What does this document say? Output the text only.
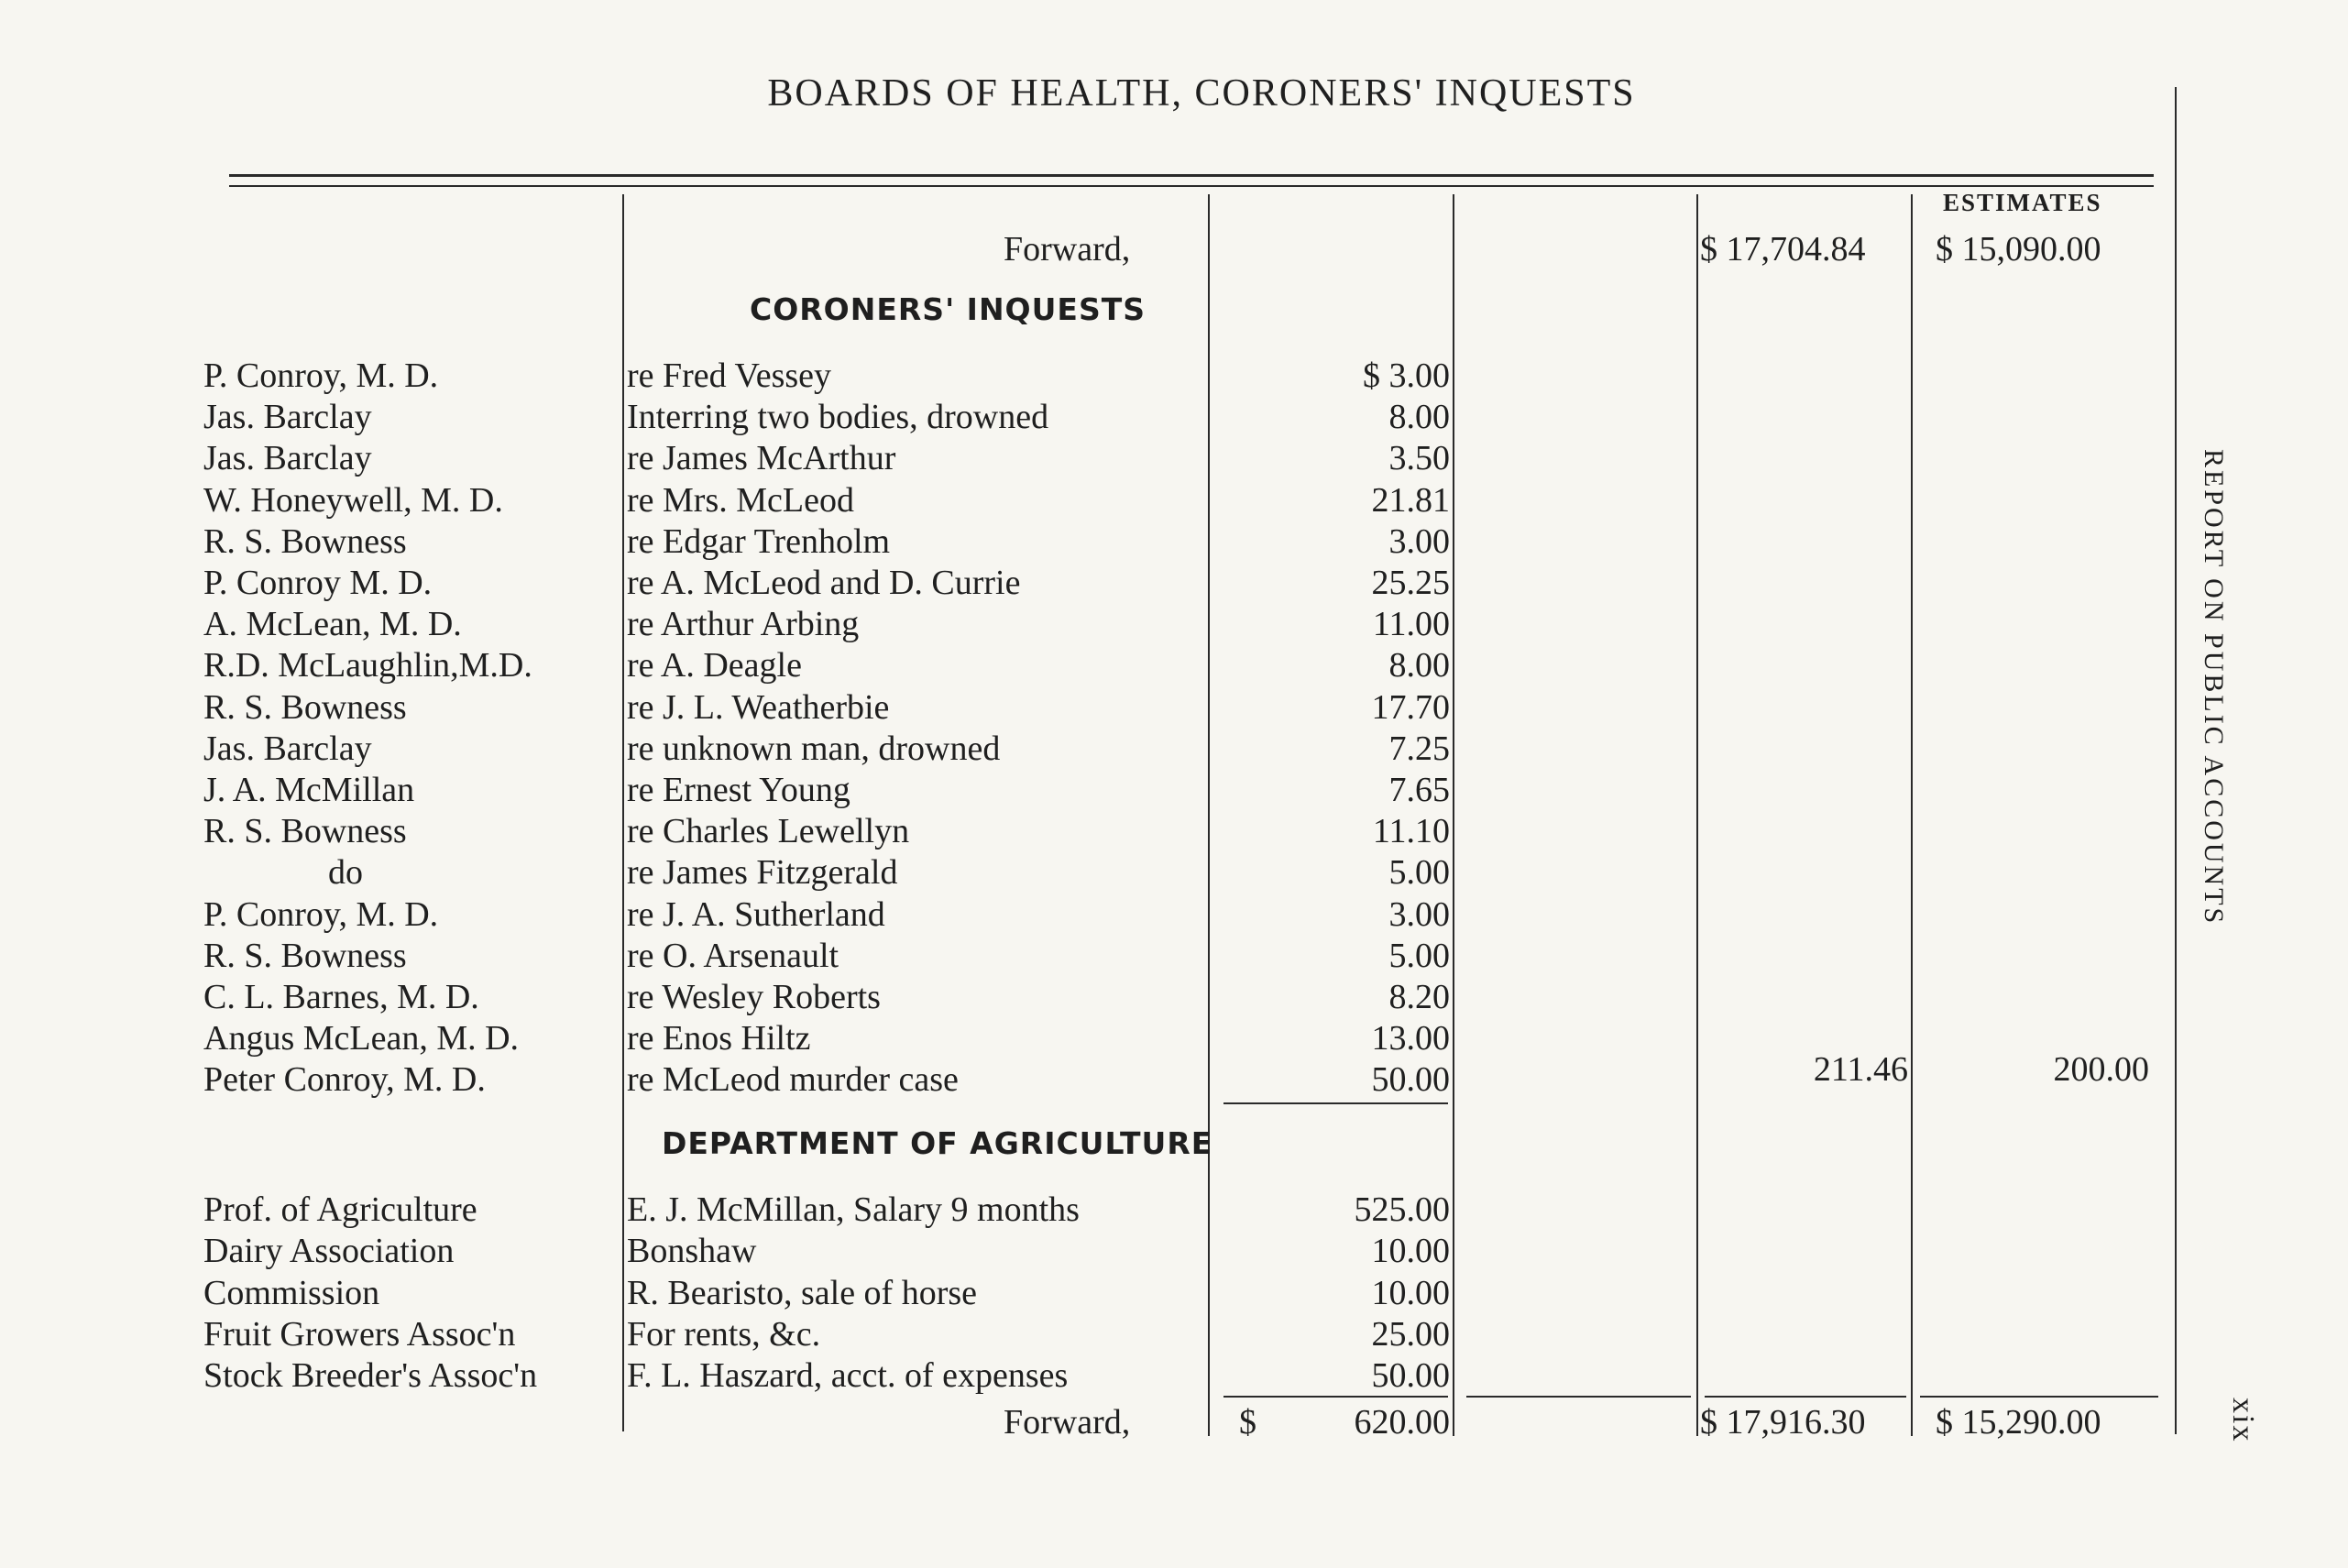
BOARDS OF HEALTH, CORONERS' INQUESTS
ESTIMATES
Forward,	$ 17,704.84 $ 15,090.00
CORONERS' INQUESTS
P. Conroy, M. D.	re Fred Vessey	$ 3.00
Jas. Barclay	Interring two bodies, drowned	8.00
Jas. Barclay	re James McArthur	3.50
W. Honeywell, M. D.	re Mrs. McLeod	21.81
R. S. Bowness	re Edgar Trenholm	3.00
P. Conroy M. D.	re A. McLeod and D. Currie	25.25
A. McLean, M. D.	re Arthur Arbing	11.00
R.D. McLaughlin,M.D.	re A. Deagle	8.00
R. S. Bowness	re J. L. Weatherbie	17.70
Jas. Barclay	re unknown man, drowned	7.25
J. A. McMillan	re Ernest Young	7.65
R. S. Bowness	re Charles Lewellyn	11.10
do	re James Fitzgerald	5.00
P. Conroy, M. D.	re J. A. Sutherland	3.00
R. S. Bowness	re O. Arsenault	5.00
C. L. Barnes, M. D.	re Wesley Roberts	8.20
Angus McLean, M. D.	re Enos Hiltz	13.00
Peter Conroy, M. D.	re McLeod murder case	50.00	211.46	200.00
DEPARTMENT OF AGRICULTURE
Prof. of Agriculture	E. J. McMillan, Salary 9 months	525.00
Dairy Association	Bonshaw	10.00
Commission	R. Bearisto, sale of horse	10.00
Fruit Growers Assoc'n	For rents, &c.	25.00
Stock Breeder's Assoc'n	F. L. Haszard, acct. of expenses	50.00
Forward,	$	620.00	$ 17,916.30 $ 15,290.00
REPORT ON PUBLIC ACCOUNTS
xix
